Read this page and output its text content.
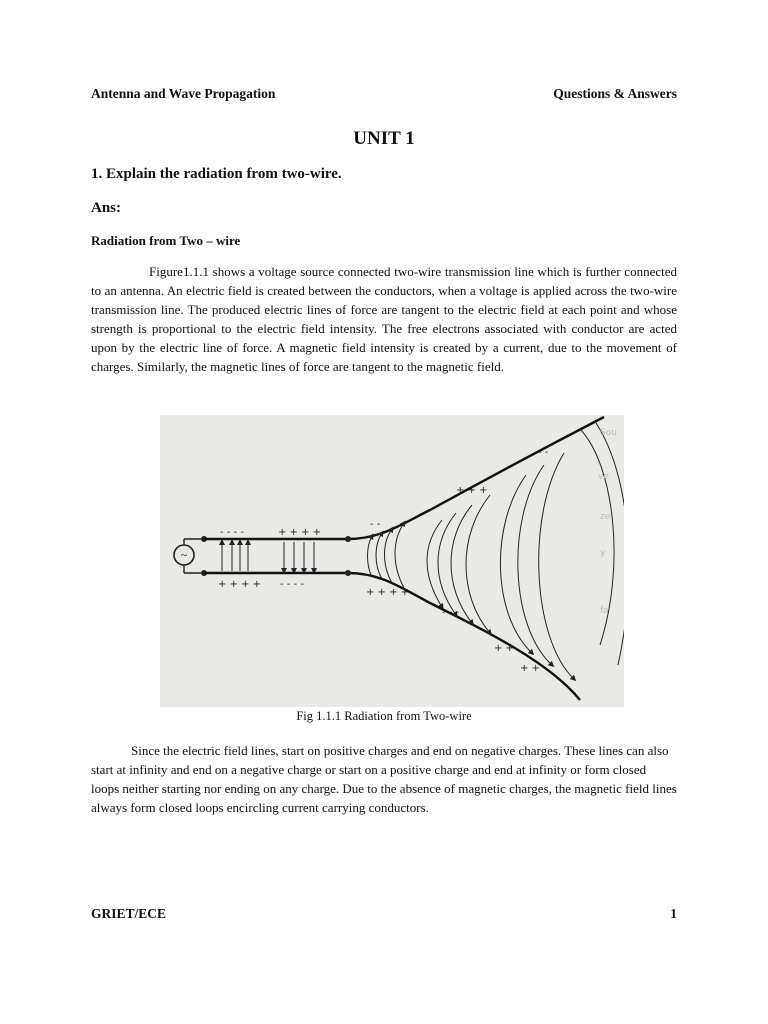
Antenna and Wave Propagation	Questions & Answers
UNIT 1
1. Explain the radiation from two-wire.
Ans:
Radiation from Two – wire

Figure1.1.1 shows a voltage source connected two-wire transmission line which is further connected to an antenna. An electric field is created between the conductors, when a voltage is applied across the two-wire transmission line. The produced electric lines of force are tangent to the electric field at each point and whose strength is proportional to the electric field intensity. The free electrons associated with conductor are acted upon by the electric line of force. A magnetic field intensity is created by a current, due to the movement of charges. Similarly, the magnetic lines of force are tangent to the magnetic field.

~
- - - -	+ + + +
+ + + + - - - -
- -
+ + + +
+ + +
- - -
- -
+ +
+ +
Sou
ve
ze
y
fa
Fig 1.1.1 Radiation from Two-wire

Since the electric field lines, start on positive charges and end on negative charges. These lines can also start at infinity and end on a negative charge or start on a positive charge and end at infinity or form closed loops neither starting nor ending on any charge. Due to the absence of magnetic charges, the magnetic field lines always form closed loops encircling current carrying conductors.

GRIET/ECE	1
